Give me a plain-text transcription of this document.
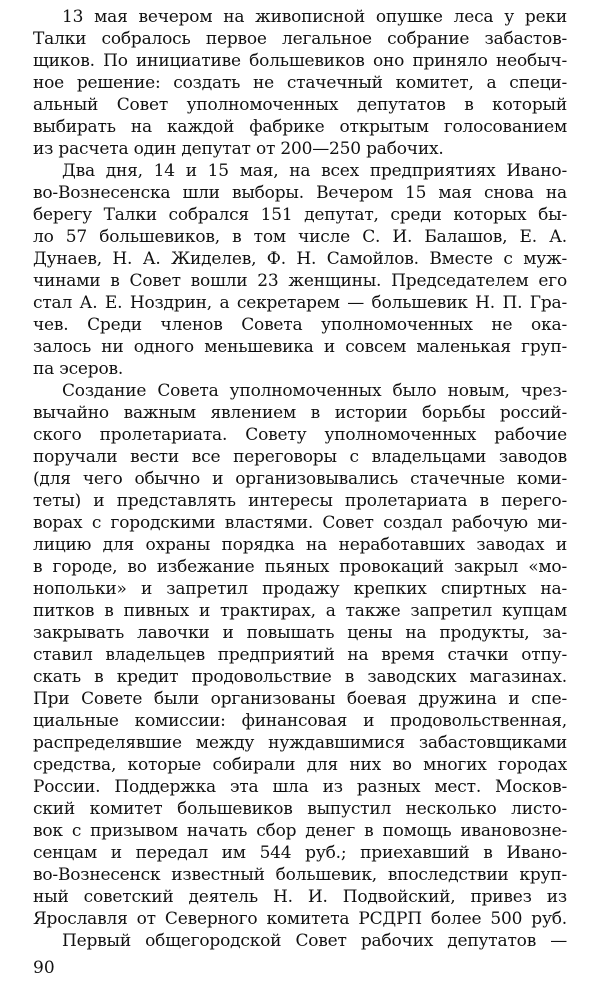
13 мая вечером на живописной опушке леса у реки
Талки собралось первое легальное собрание забастов-
щиков. По инициативе большевиков оно приняло необыч-
ное решение: создать не стачечный комитет, а специ-
альный Совет уполномоченных депутатов в который
выбирать на каждой фабрике открытым голосованием
из расчета один депутат от 200—250 рабочих.
Два дня, 14 и 15 мая, на всех предприятиях Ивано-
во-Вознесенска шли выборы. Вечером 15 мая снова на
берегу Талки собрался 151 депутат, среди которых бы-
ло 57 большевиков, в том числе С. И. Балашов, Е. А.
Дунаев, Н. А. Жиделев, Ф. Н. Самойлов. Вместе с муж-
чинами в Совет вошли 23 женщины. Председателем его
стал А. Е. Ноздрин, а секретарем — большевик Н. П. Гра-
чев. Среди членов Совета уполномоченных не ока-
залось ни одного меньшевика и совсем маленькая груп-
па эсеров.
Создание Совета уполномоченных было новым, чрез-
вычайно важным явлением в истории борьбы россий-
ского пролетариата. Совету уполномоченных рабочие
поручали вести все переговоры с владельцами заводов
(для чего обычно и организовывались стачечные коми-
теты) и представлять интересы пролетариата в перего-
ворах с городскими властями. Совет создал рабочую ми-
лицию для охраны порядка на неработавших заводах и
в городе, во избежание пьяных провокаций закрыл «мо-
нопольки» и запретил продажу крепких спиртных на-
питков в пивных и трактирах, а также запретил купцам
закрывать лавочки и повышать цены на продукты, за-
ставил владельцев предприятий на время стачки отпу-
скать в кредит продовольствие в заводских магазинах.
При Совете были организованы боевая дружина и спе-
циальные комиссии: финансовая и продовольственная,
распределявшие между нуждавшимися забастовщиками
средства, которые собирали для них во многих городах
России. Поддержка эта шла из разных мест. Москов-
ский комитет большевиков выпустил несколько листо-
вок с призывом начать сбор денег в помощь ивановозне-
сенцам и передал им 544 руб.; приехавший в Ивано-
во-Вознесенск известный большевик, впоследствии круп-
ный советский деятель Н. И. Подвойский, привез из
Ярославля от Северного комитета РСДРП более 500 руб.
Первый общегородской Совет рабочих депутатов —
90
